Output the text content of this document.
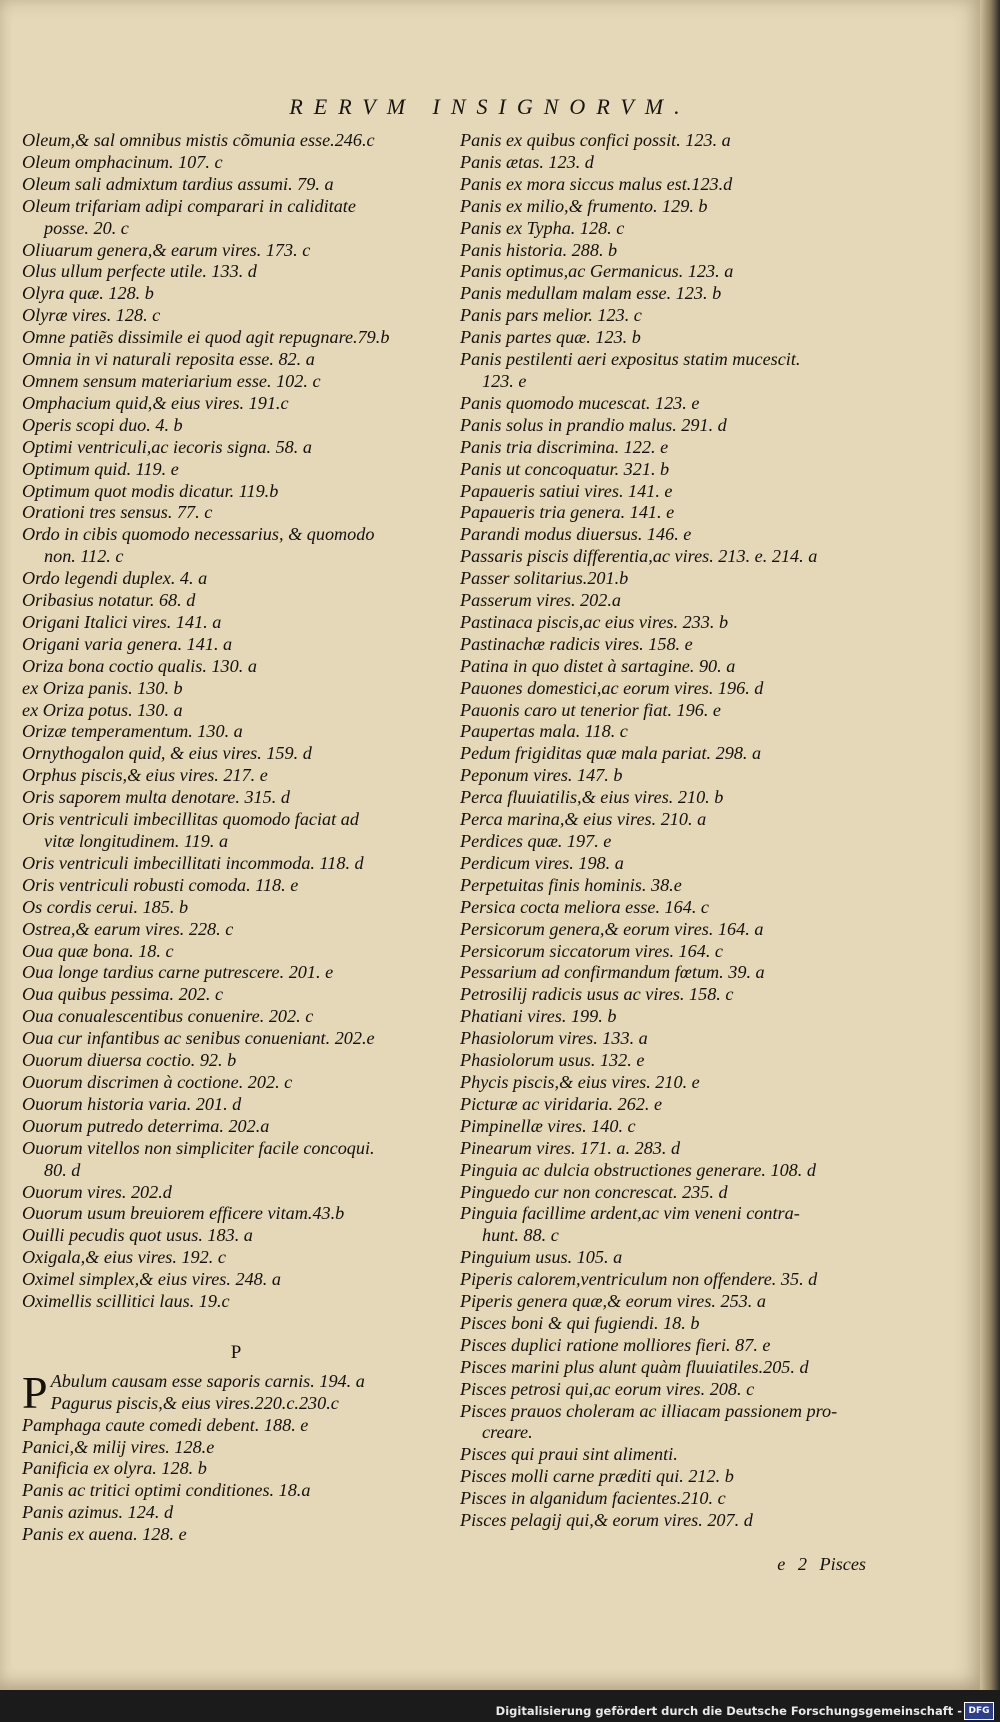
RERVM INSIGNORVM.
Oleum,& sal omnibus mistis cõmunia esse.246.c
Oleum omphacinum. 107. c
Oleum sali admixtum tardius assumi. 79. a
Oleum trifariam adipi comparari in caliditate
posse. 20. c
Oliuarum genera,& earum vires. 173. c
Olus ullum perfecte utile. 133. d
Olyra quæ. 128. b
Olyræ vires. 128. c
Omne patiẽs dissimile ei quod agit repugnare.79.b
Omnia in vi naturali reposita esse. 82. a
Omnem sensum materiarium esse. 102. c
Omphacium quid,& eius vires. 191.c
Operis scopi duo. 4. b
Optimi ventriculi,ac iecoris signa. 58. a
Optimum quid. 119. e
Optimum quot modis dicatur. 119.b
Orationi tres sensus. 77. c
Ordo in cibis quomodo necessarius, & quomodo
non. 112. c
Ordo legendi duplex. 4. a
Oribasius notatur. 68. d
Origani Italici vires. 141. a
Origani varia genera. 141. a
Oriza bona coctio qualis. 130. a
ex Oriza panis. 130. b
ex Oriza potus. 130. a
Orizæ temperamentum. 130. a
Ornythogalon quid, & eius vires. 159. d
Orphus piscis,& eius vires. 217. e
Oris saporem multa denotare. 315. d
Oris ventriculi imbecillitas quomodo faciat ad
vitæ longitudinem. 119. a
Oris ventriculi imbecillitati incommoda. 118. d
Oris ventriculi robusti comoda. 118. e
Os cordis cerui. 185. b
Ostrea,& earum vires. 228. c
Oua quæ bona. 18. c
Oua longe tardius carne putrescere. 201. e
Oua quibus pessima. 202. c
Oua conualescentibus conuenire. 202. c
Oua cur infantibus ac senibus conueniant. 202.e
Ouorum diuersa coctio. 92. b
Ouorum discrimen à coctione. 202. c
Ouorum historia varia. 201. d
Ouorum putredo deterrima. 202.a
Ouorum vitellos non simpliciter facile concoqui.
80. d
Ouorum vires. 202.d
Ouorum usum breuiorem efficere vitam.43.b
Ouilli pecudis quot usus. 183. a
Oxigala,& eius vires. 192. c
Oximel simplex,& eius vires. 248. a
Oximellis scillitici laus. 19.c
P
P Abulum causam esse saporis carnis. 194. a
Pagurus piscis,& eius vires.220.c.230.c
Pamphaga caute comedi debent. 188. e
Panici,& milij vires. 128.e
Panificia ex olyra. 128. b
Panis ac tritici optimi conditiones. 18.a
Panis azimus. 124. d
Panis ex auena. 128. e
Panis ex quibus confici possit. 123. a
Panis ætas. 123. d
Panis ex mora siccus malus est.123.d
Panis ex milio,& frumento. 129. b
Panis ex Typha. 128. c
Panis historia. 288. b
Panis optimus,ac Germanicus. 123. a
Panis medullam malam esse. 123. b
Panis pars melior. 123. c
Panis partes quæ. 123. b
Panis pestilenti aeri expositus statim mucescit.
123. e
Panis quomodo mucescat. 123. e
Panis solus in prandio malus. 291. d
Panis tria discrimina. 122. e
Panis ut concoquatur. 321. b
Papaueris satiui vires. 141. e
Papaueris tria genera. 141. e
Parandi modus diuersus. 146. e
Passaris piscis differentia,ac vires. 213. e. 214. a
Passer solitarius.201.b
Passerum vires. 202.a
Pastinaca piscis,ac eius vires. 233. b
Pastinachæ radicis vires. 158. e
Patina in quo distet à sartagine. 90. a
Pauones domestici,ac eorum vires. 196. d
Pauonis caro ut tenerior fiat. 196. e
Paupertas mala. 118. c
Pedum frigiditas quæ mala pariat. 298. a
Peponum vires. 147. b
Perca fluuiatilis,& eius vires. 210. b
Perca marina,& eius vires. 210. a
Perdices quæ. 197. e
Perdicum vires. 198. a
Perpetuitas finis hominis. 38.e
Persica cocta meliora esse. 164. c
Persicorum genera,& eorum vires. 164. a
Persicorum siccatorum vires. 164. c
Pessarium ad confirmandum fœtum. 39. a
Petrosilij radicis usus ac vires. 158. c
Phatiani vires. 199. b
Phasiolorum vires. 133. a
Phasiolorum usus. 132. e
Phycis piscis,& eius vires. 210. e
Picturæ ac viridaria. 262. e
Pimpinellæ vires. 140. c
Pinearum vires. 171. a. 283. d
Pinguia ac dulcia obstructiones generare. 108. d
Pinguedo cur non concrescat. 235. d
Pinguia facillime ardent,ac vim veneni contra-
hunt. 88. c
Pinguium usus. 105. a
Piperis calorem,ventriculum non offendere. 35. d
Piperis genera quæ,& eorum vires. 253. a
Pisces boni & qui fugiendi. 18. b
Pisces duplici ratione molliores fieri. 87. e
Pisces marini plus alunt quàm fluuiatiles.205. d
Pisces petrosi qui,ac eorum vires. 208. c
Pisces prauos choleram ac illiacam passionem pro-
creare.
Pisces qui praui sint alimenti.
Pisces molli carne præditi qui. 212. b
Pisces in alganidum facientes.210. c
Pisces pelagij qui,& eorum vires. 207. d
e 2 Pisces
Digitalisierung gefördert durch die Deutsche Forschungsgemeinschaft - DFG
